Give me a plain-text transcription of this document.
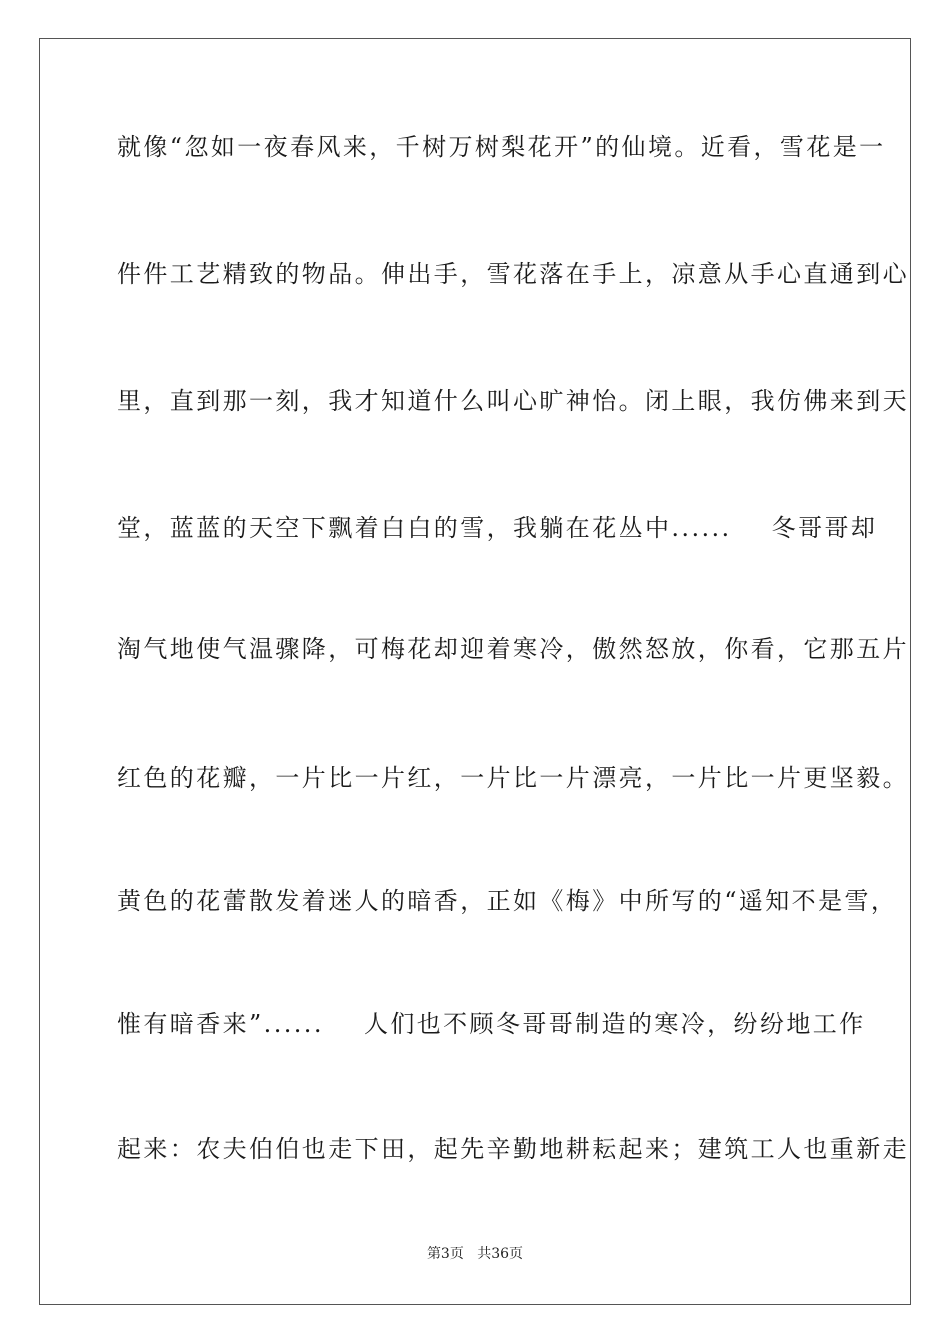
就像“忽如一夜春风来，千树万树梨花开”的仙境。近看，雪花是一

件件工艺精致的物品。伸出手，雪花落在手上，凉意从手心直通到心

里，直到那一刻，我才知道什么叫心旷神怡。闭上眼，我仿佛来到天

堂，蓝蓝的天空下飘着白白的雪，我躺在花丛中......    冬哥哥却

淘气地使气温骤降，可梅花却迎着寒冷，傲然怒放，你看，它那五片

红色的花瓣，一片比一片红，一片比一片漂亮，一片比一片更坚毅。

黄色的花蕾散发着迷人的暗香，正如《梅》中所写的“遥知不是雪，

惟有暗香来”......    人们也不顾冬哥哥制造的寒冷，纷纷地工作

起来：农夫伯伯也走下田，起先辛勤地耕耘起来；建筑工人也重新走

第3页 共36页
